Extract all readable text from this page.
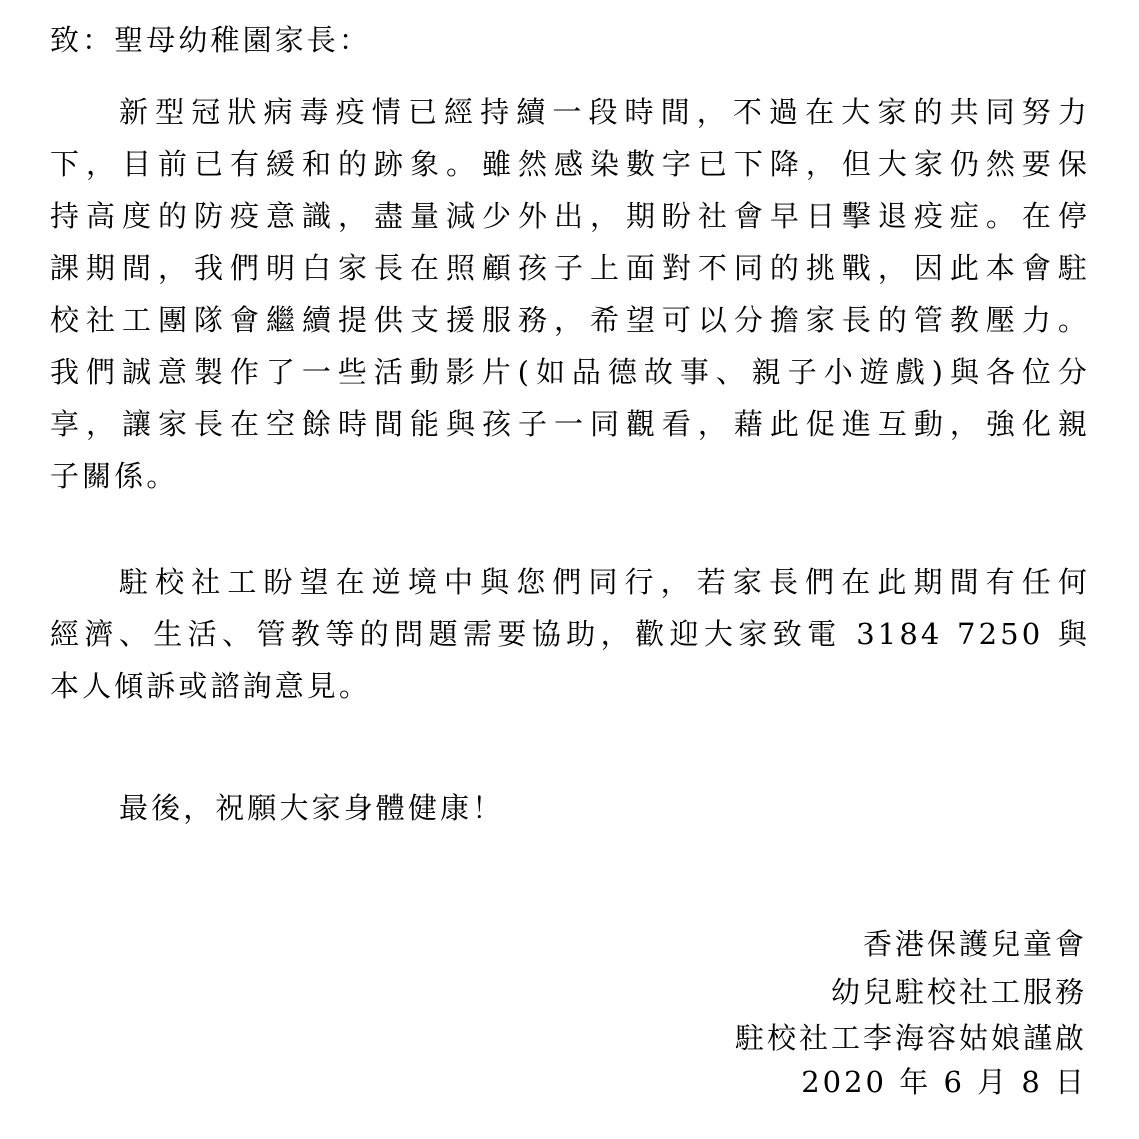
致：聖母幼稚園家長：
新型冠狀病毒疫情已經持續一段時間，不過在大家的共同努力
下，目前已有緩和的跡象。雖然感染數字已下降，但大家仍然要保
持高度的防疫意識，盡量減少外出，期盼社會早日擊退疫症。在停
課期間，我們明白家長在照顧孩子上面對不同的挑戰，因此本會駐
校社工團隊會繼續提供支援服務，希望可以分擔家長的管教壓力。
我們誠意製作了一些活動影片(如品德故事、親子小遊戲)與各位分
享，讓家長在空餘時間能與孩子一同觀看，藉此促進互動，強化親
子關係。
駐校社工盼望在逆境中與您們同行，若家長們在此期間有任何
經濟、生活、管教等的問題需要協助，歡迎大家致電 3184 7250 與
本人傾訴或諮詢意見。
最後，祝願大家身體健康！
香港保護兒童會
幼兒駐校社工服務
駐校社工李海容姑娘謹啟
2020 年 6 月 8 日
